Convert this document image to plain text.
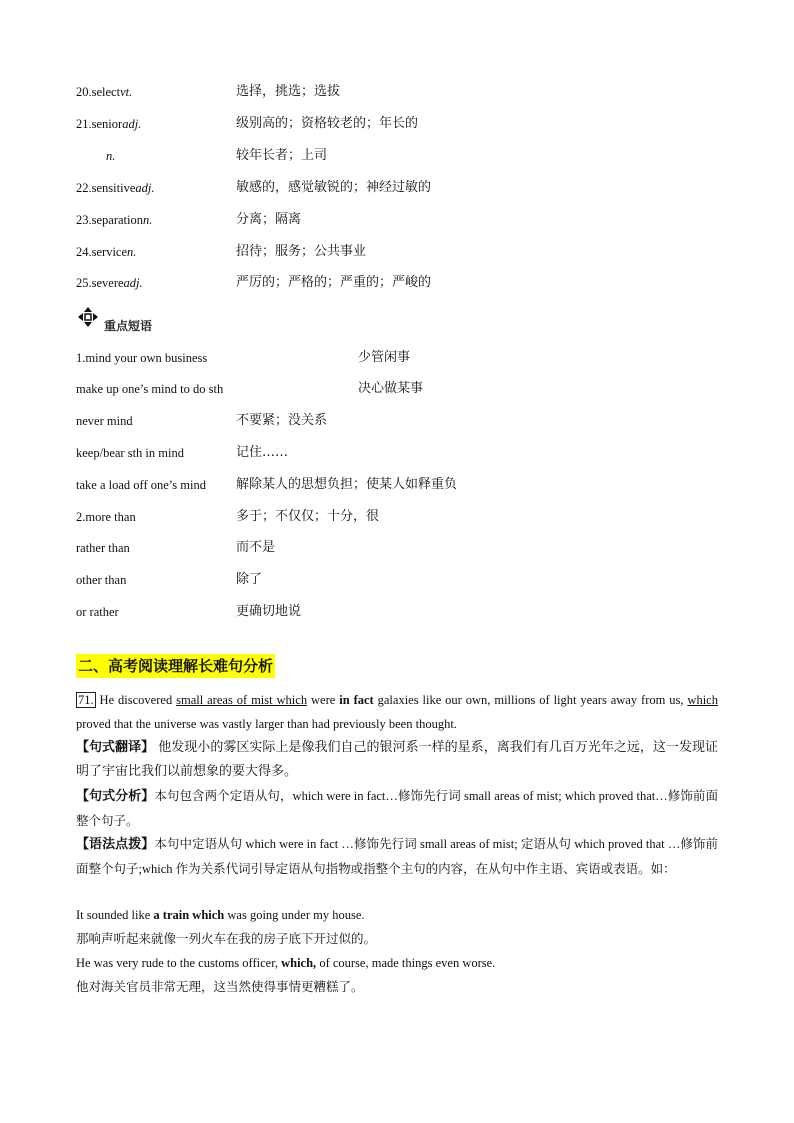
20.selectvt.	选择，挑选；选拔
21.senioradj.	级别高的；资格较老的；年长的
n.	较年长者；上司
22.sensitiveadj.	敏感的，感觉敏锐的；神经过敏的
23.separationn.	分离；隔离
24.servicen.	招待；服务；公共事业
25.severeadj.	严厉的；严格的；严重的；严峻的
重点短语
1.mind your own business	少管闲事
make up one’s mind to do sth	决心做某事
never mind	不要紧；没关系
keep/bear sth in mind	记住……
take a load off one’s mind 解除某人的思想负担；使某人如释重负
2.more than	多于；不仅仅；十分，很
rather than	而不是
other than	除了
or rather	更确切地说
二、高考阅读理解长难句分析
71. He discovered small areas of mist which were in fact galaxies like our own, millions of light years away from us, which proved that the universe was vastly larger than had previously been thought.
【句式翻译】 他发现小的雾区实际上是像我们自己的银河系一样的星系，离我们有几百万光年之远，这一发现证明了宇宙比我们以前想象的要大得多。
【句式分析】本句包含两个定语从句，which were in fact…修饰先行词 small areas of mist; which proved that…修饰前面整个句子。
【语法点拨】本句中定语从句 which were in fact …修饰先行词 small areas of mist; 定语从句 which proved that …修饰前面整个句子;which 作为关系代词引导定语从句指物或指整个主句的内容，在从句中作主语、宾语或表语。如：
It sounded like a train which was going under my house.
那响声听起来就像一列火车在我的房子底下开过似的。
He was very rude to the customs officer, which, of course, made things even worse.
他对海关官员非常无理，这当然使得事情更糟糕了。
